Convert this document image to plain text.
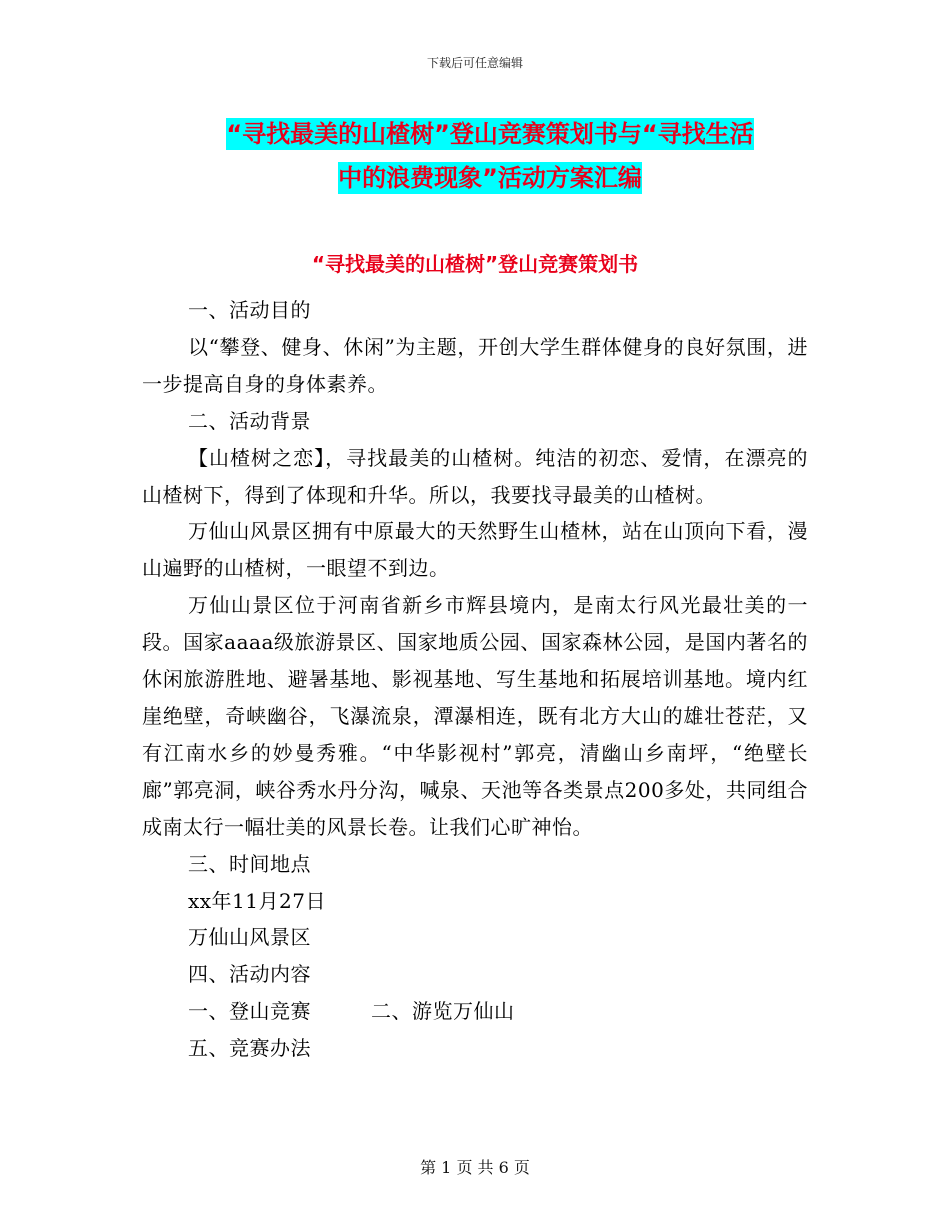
下载后可任意编辑
“寻找最美的山楂树”登山竞赛策划书与“寻找生活
中的浪费现象”活动方案汇编
“寻找最美的山楂树”登山竞赛策划书

一、活动目的

以“攀登、健身、休闲”为主题，开创大学生群体健身的良好氛围，进一步提高自身的身体素养。

二、活动背景

【山楂树之恋】，寻找最美的山楂树。纯洁的初恋、爱情，在漂亮的山楂树下，得到了体现和升华。所以，我要找寻最美的山楂树。

万仙山风景区拥有中原最大的天然野生山楂林，站在山顶向下看，漫山遍野的山楂树，一眼望不到边。

万仙山景区位于河南省新乡市辉县境内，是南太行风光最壮美的一段。国家aaaa级旅游景区、国家地质公园、国家森林公园，是国内著名的休闲旅游胜地、避暑基地、影视基地、写生基地和拓展培训基地。境内红崖绝壁，奇峡幽谷，飞瀑流泉，潭瀑相连，既有北方大山的雄壮苍茫，又有江南水乡的妙曼秀雅。“中华影视村”郭亮，清幽山乡南坪，“绝壁长廊”郭亮洞，峡谷秀水丹分沟，喊泉、天池等各类景点200多处，共同组合成南太行一幅壮美的风景长卷。让我们心旷神怡。

三、时间地点

xx年11月27日

万仙山风景区

四、活动内容

一、登山竞赛	二、游览万仙山

五、竞赛办法

第 1 页 共 6 页
